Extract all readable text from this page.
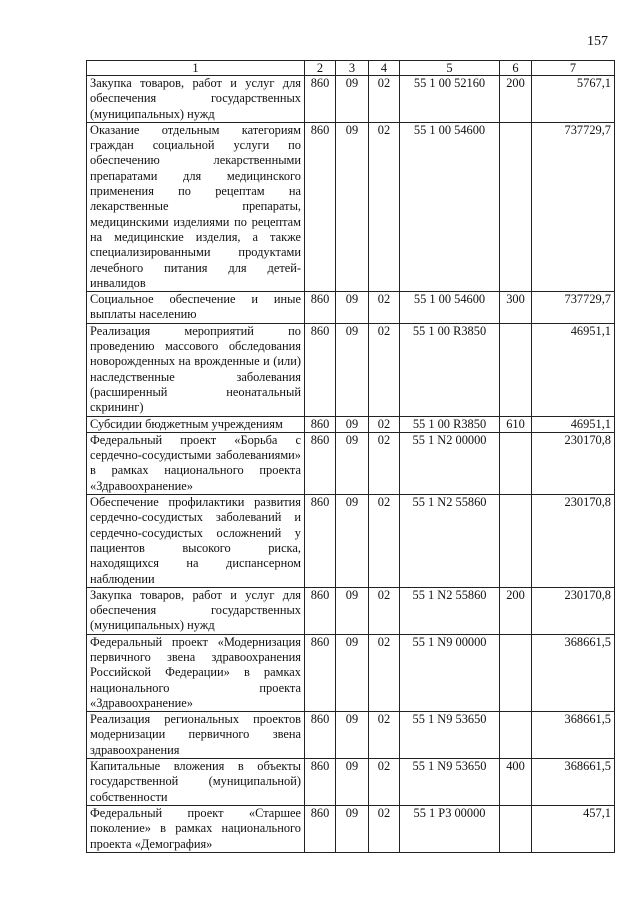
157
1	2	3	4	5	6	7
Закупка товаров, работ и услуг для обеспечения государственных (муниципальных) нужд	860	09	02	55 1 00 52160	200	5767,1
Оказание отдельным категориям граждан социальной услуги по обеспечению лекарственными препаратами для медицинского применения по рецептам на лекарственные препараты, медицинскими изделиями по рецептам на медицинские изделия, а также специализированными продуктами лечебного питания для детей-инвалидов	860	09	02	55 1 00 54600		737729,7
Социальное обеспечение и иные выплаты населению	860	09	02	55 1 00 54600	300	737729,7
Реализация мероприятий по проведению массового обследования новорожденных на врожденные и (или) наследственные заболевания (расширенный неонатальный скрининг)	860	09	02	55 1 00 R3850		46951,1
Субсидии бюджетным учреждениям	860	09	02	55 1 00 R3850	610	46951,1
Федеральный проект «Борьба с сердечно-сосудистыми заболеваниями» в рамках национального проекта «Здравоохранение»	860	09	02	55 1 N2 00000		230170,8
Обеспечение профилактики развития сердечно-сосудистых заболеваний и сердечно-сосудистых осложнений у пациентов высокого риска, находящихся на диспансерном наблюдении	860	09	02	55 1 N2 55860		230170,8
Закупка товаров, работ и услуг для обеспечения государственных (муниципальных) нужд	860	09	02	55 1 N2 55860	200	230170,8
Федеральный проект «Модернизация первичного звена здравоохранения Российской Федерации» в рамках национального проекта «Здравоохранение»	860	09	02	55 1 N9 00000		368661,5
Реализация региональных проектов модернизации первичного звена здравоохранения	860	09	02	55 1 N9 53650		368661,5
Капитальные вложения в объекты государственной (муниципальной) собственности	860	09	02	55 1 N9 53650	400	368661,5
Федеральный проект «Старшее поколение» в рамках национального проекта «Демография»	860	09	02	55 1 P3 00000		457,1
